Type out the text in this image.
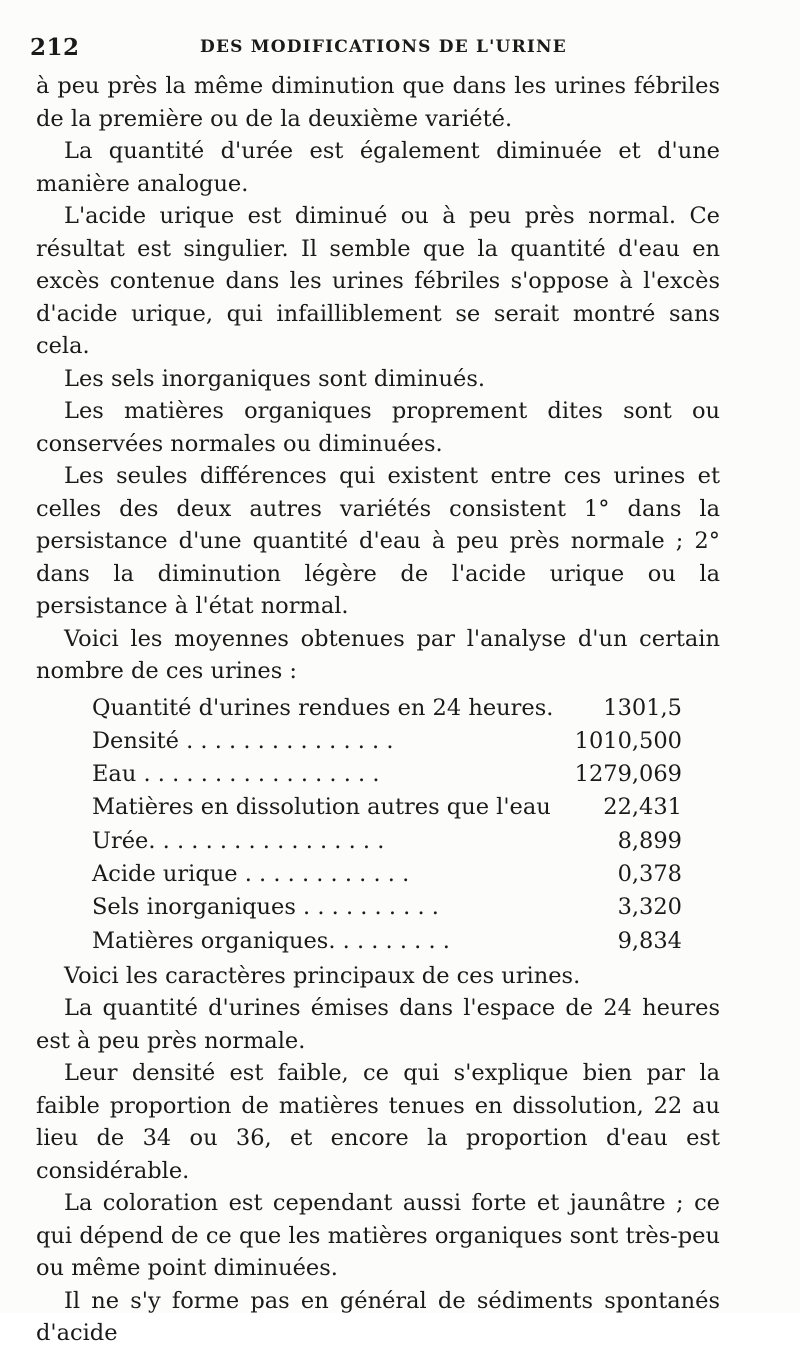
212	DES MODIFICATIONS DE L'URINE

à peu près la même diminution que dans les urines fébriles de la première ou de la deuxième variété.

La quantité d'urée est également diminuée et d'une manière analogue.

L'acide urique est diminué ou à peu près normal. Ce résultat est singulier. Il semble que la quantité d'eau en excès contenue dans les urines fébriles s'oppose à l'excès d'acide urique, qui infailliblement se serait montré sans cela.

Les sels inorganiques sont diminués.

Les matières organiques proprement dites sont ou conservées normales ou diminuées.

Les seules différences qui existent entre ces urines et celles des deux autres variétés consistent 1° dans la persistance d'une quantité d'eau à peu près normale ; 2° dans la diminution légère de l'acide urique ou la persistance à l'état normal.

Voici les moyennes obtenues par l'analyse d'un certain nombre de ces urines :

Quantité d'urines rendues en 24 heures.	1301,5
Densité . . . . . . . . . . . . . . .	1010,500
Eau . . . . . . . . . . . . . . . . .	1279,069
Matières en dissolution autres que l'eau	22,431
Urée. . . . . . . . . . . . . . . . .	8,899
Acide urique . . . . . . . . . . . .	0,378
Sels inorganiques . . . . . . . . . .	3,320
Matières organiques. . . . . . . . .	9,834

Voici les caractères principaux de ces urines.

La quantité d'urines émises dans l'espace de 24 heures est à peu près normale.

Leur densité est faible, ce qui s'explique bien par la faible proportion de matières tenues en dissolution, 22 au lieu de 34 ou 36, et encore la proportion d'eau est considérable.

La coloration est cependant aussi forte et jaunâtre ; ce qui dépend de ce que les matières organiques sont très-peu ou même point diminuées.

Il ne s'y forme pas en général de sédiments spontanés d'acide
